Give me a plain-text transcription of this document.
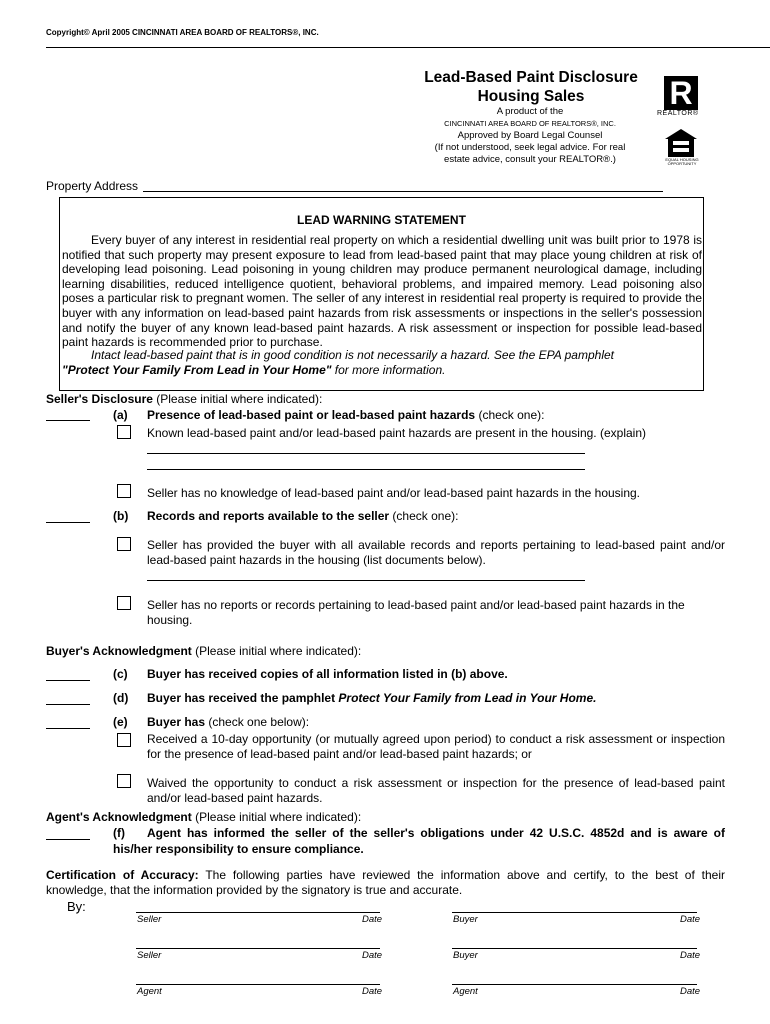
Copyright© April 2005 CINCINNATI AREA BOARD OF REALTORS®, INC.
Lead-Based Paint Disclosure
Housing Sales
A product of the
CINCINNATI AREA BOARD OF REALTORS®, INC.
Approved by Board Legal Counsel
(If not understood, seek legal advice. For real
estate advice, consult your REALTOR®.)
R
REALTOR®
EQUAL HOUSING OPPORTUNITY
Property Address
LEAD WARNING STATEMENT
Every buyer of any interest in residential real property on which a residential dwelling unit was built prior to 1978 is notified that such property may present exposure to lead from lead-based paint that may place young children at risk of developing lead poisoning. Lead poisoning in young children may produce permanent neurological damage, including learning disabilities, reduced intelligence quotient, behavioral problems, and impaired memory. Lead poisoning also poses a particular risk to pregnant women. The seller of any interest in residential real property is required to provide the buyer with any information on lead-based paint hazards from risk assessments or inspections in the seller's possession and notify the buyer of any known lead-based paint hazards. A risk assessment or inspection for possible lead-based paint hazards is recommended prior to purchase.
Intact lead-based paint that is in good condition is not necessarily a hazard. See the EPA pamphlet
"Protect Your Family From Lead in Your Home" for more information.
Seller's Disclosure (Please initial where indicated):
(a) Presence of lead-based paint or lead-based paint hazards (check one):
Known lead-based paint and/or lead-based paint hazards are present in the housing. (explain)
Seller has no knowledge of lead-based paint and/or lead-based paint hazards in the housing.
(b) Records and reports available to the seller (check one):
Seller has provided the buyer with all available records and reports pertaining to lead-based paint and/or lead-based paint hazards in the housing (list documents below).
Seller has no reports or records pertaining to lead-based paint and/or lead-based paint hazards in the housing.
Buyer's Acknowledgment (Please initial where indicated):
(c) Buyer has received copies of all information listed in (b) above.
(d) Buyer has received the pamphlet Protect Your Family from Lead in Your Home.
(e) Buyer has (check one below):
Received a 10-day opportunity (or mutually agreed upon period) to conduct a risk assessment or inspection for the presence of lead-based paint and/or lead-based paint hazards; or
Waived the opportunity to conduct a risk assessment or inspection for the presence of lead-based paint and/or lead-based paint hazards.
Agent's Acknowledgment (Please initial where indicated):
(f) Agent has informed the seller of the seller's obligations under 42 U.S.C. 4852d and is aware of
his/her responsibility to ensure compliance.
Certification of Accuracy: The following parties have reviewed the information above and certify, to the best of their knowledge, that the information provided by the signatory is true and accurate.
By:
Seller	Date	Buyer	Date
Seller	Date	Buyer	Date
Agent	Date	Agent	Date
